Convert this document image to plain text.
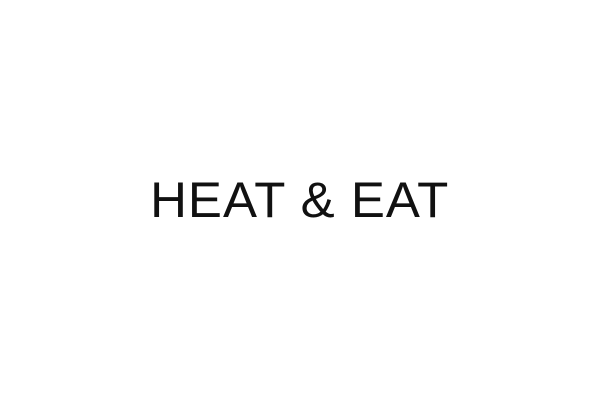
HEAT & EAT
